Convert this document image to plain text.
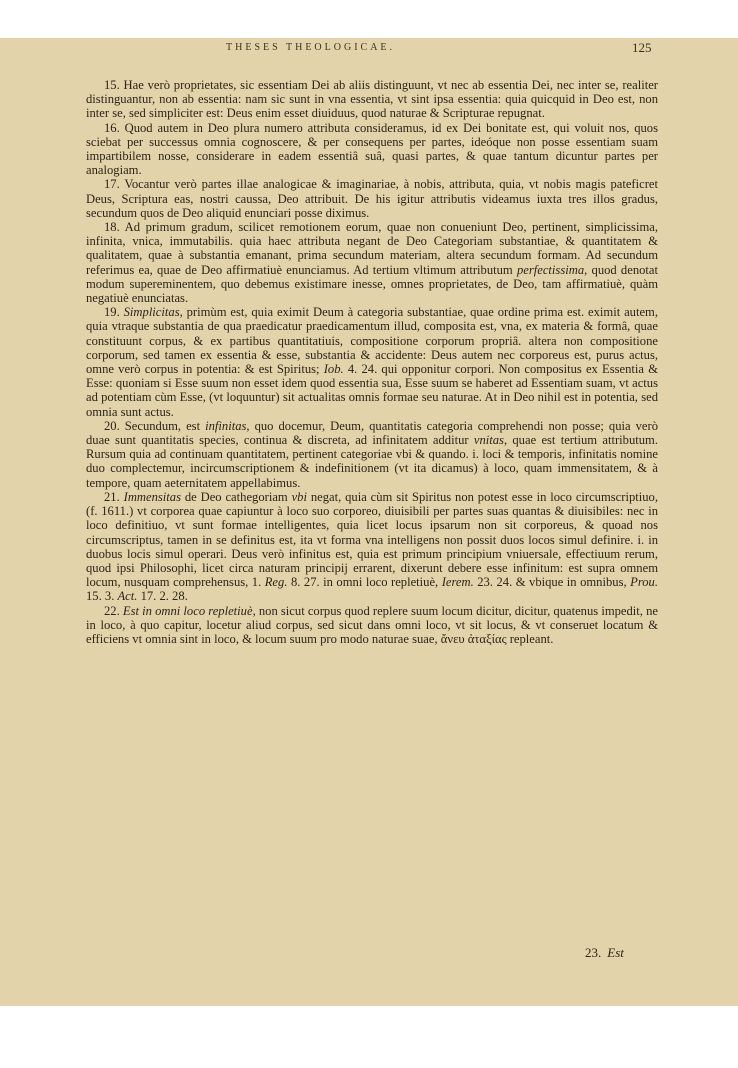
THESES THEOLOGICAE.	125

15. Hae verò proprietates, sic essentiam Dei ab aliis distinguunt, vt nec ab essentia Dei, nec inter se, realiter distinguantur, non ab essentia: nam sic sunt in vna essentia, vt sint ipsa essentia: quia quicquid in Deo est, non inter se, sed simpliciter est: Deus enim esset diuiduus, quod naturae & Scripturae repugnat.

16. Quod autem in Deo plura numero attributa consideramus, id ex Dei bonitate est, qui voluit nos, quos sciebat per successus omnia cognoscere, & per consequens per partes, ideóque non posse essentiam suam impartibilem nosse, considerare in eadem essentiâ suâ, quasi partes, & quae tantum dicuntur partes per analogiam.

17. Vocantur verò partes illae analogicae & imaginariae, à nobis, attributa, quia, vt nobis magis pateficret Deus, Scriptura eas, nostri caussa, Deo attribuit. De his igitur attributis videamus iuxta tres illos gradus, secundum quos de Deo aliquid enunciari posse diximus.

18. Ad primum gradum, scilicet remotionem eorum, quae non conueniunt Deo, pertinent, simplicissima, infinita, vnica, immutabilis. quia haec attributa negant de Deo Categoriam substantiae, & quantitatem & qualitatem, quae à substantia emanant, prima secundum materiam, altera secundum formam. Ad secundum referimus ea, quae de Deo affirmatiuè enunciamus. Ad tertium vltimum attributum perfectissima, quod denotat modum supereminentem, quo debemus existimare inesse, omnes proprietates, de Deo, tam affirmatiuè, quàm negatiuè enunciatas.

19. Simplicitas, primùm est, quia eximit Deum à categoria substantiae, quae ordine prima est. eximit autem, quia vtraque substantia de qua praedicatur praedicamentum illud, composita est, vna, ex materia & formâ, quae constituunt corpus, & ex partibus quantitatiuis, compositione corporum propriâ. altera non compositione corporum, sed tamen ex essentia & esse, substantia & accidente: Deus autem nec corporeus est, purus actus, omne verò corpus in potentia: & est Spiritus; Iob. 4. 24. qui opponitur corpori. Non compositus ex Essentia & Esse: quoniam si Esse suum non esset idem quod essentia sua, Esse suum se haberet ad Essentiam suam, vt actus ad potentiam cùm Esse, (vt loquuntur) sit actualitas omnis formae seu naturae. At in Deo nihil est in potentia, sed omnia sunt actus.

20. Secundum, est infinitas, quo docemur, Deum, quantitatis categoria comprehendi non posse; quia verò duae sunt quantitatis species, continua & discreta, ad infinitatem additur vnitas, quae est tertium attributum. Rursum quia ad continuam quantitatem, pertinent categoriae vbi & quando. i. loci & temporis, infinitatis nomine duo complectemur, incircumscriptionem & indefinitionem (vt ita dicamus) à loco, quam immensitatem, & à tempore, quam aeternitatem appellabimus.

21. Immensitas de Deo cathegoriam vbi negat, quia cùm sit Spiritus non potest esse in loco circumscriptiuo, (f. 1611.) vt corporea quae capiuntur à loco suo corporeo, diuisibili per partes suas quantas & diuisibiles: nec in loco definitiuo, vt sunt formae intelligentes, quia licet locus ipsarum non sit corporeus, & quoad nos circumscriptus, tamen in se definitus est, ita vt forma vna intelligens non possit duos locos simul definire. i. in duobus locis simul operari. Deus verò infinitus est, quia est primum principium vniuersale, effectiuum rerum, quod ipsi Philosophi, licet circa naturam principij errarent, dixerunt debere esse infinitum: est supra omnem locum, nusquam comprehensus, 1. Reg. 8. 27. in omni loco repletiuè, Ierem. 23. 24. & vbique in omnibus, Prou. 15. 3. Act. 17. 2. 28.

22. Est in omni loco repletiuè, non sicut corpus quod replere suum locum dicitur, dicitur, quatenus impedit, ne in loco, à quo capitur, locetur aliud corpus, sed sicut dans omni loco, vt sit locus, & vt conseruet locatum & efficiens vt omnia sint in loco, & locum suum pro modo naturae suae, ἄνευ ἀταξίας repleant.

23. Est
